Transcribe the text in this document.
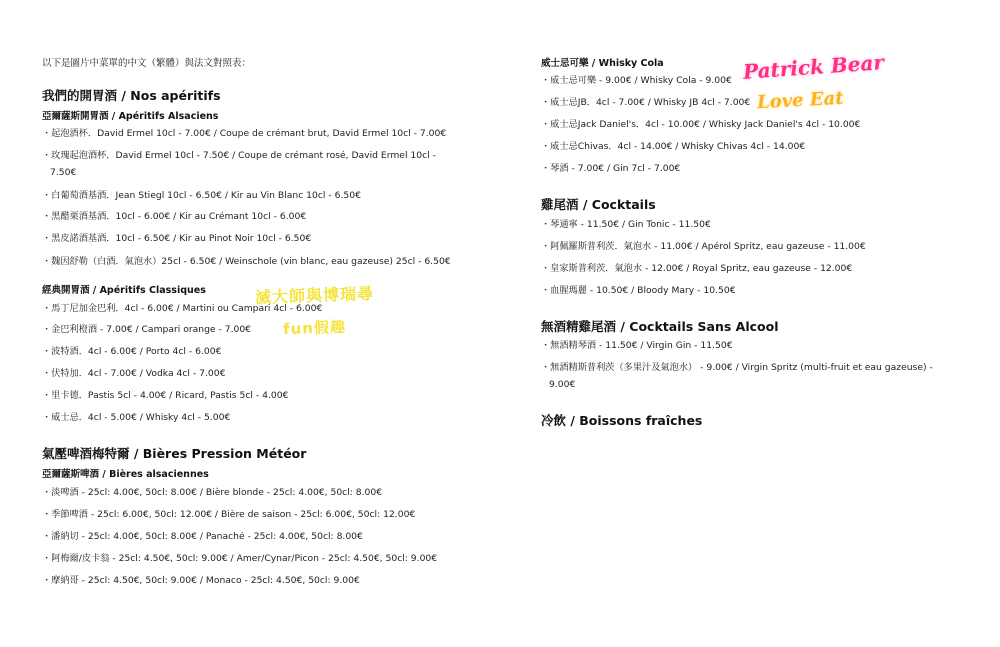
以下是圖片中菜單的中文（繁體）與法文對照表：
我們的開胃酒 / Nos apéritifs
亞爾薩斯開胃酒 / Apéritifs Alsaciens
・起泡酒杯．David Ermel 10cl - 7.00€ / Coupe de crémant brut, David Ermel 10cl - 7.00€
・玫瑰起泡酒杯．David Ermel 10cl - 7.50€ / Coupe de crémant rosé, David Ermel 10cl -
7.50€
・白葡萄酒基酒．Jean Stiegl 10cl - 6.50€ / Kir au Vin Blanc 10cl - 6.50€
・黑醋栗酒基酒．10cl - 6.00€ / Kir au Crémant 10cl - 6.00€
・黑皮諾酒基酒．10cl - 6.50€ / Kir au Pinot Noir 10cl - 6.50€
・魏因舒勒（白酒．氣泡水）25cl - 6.50€ / Weinschole (vin blanc, eau gazeuse) 25cl - 6.50€
經典開胃酒 / Apéritifs Classiques
・馬丁尼加金巴利．4cl - 6.00€ / Martini ou Campari 4cl - 6.00€
・金巴利橙酒 - 7.00€ / Campari orange - 7.00€
・波特酒．4cl - 6.00€ / Porto 4cl - 6.00€
・伏特加．4cl - 7.00€ / Vodka 4cl - 7.00€
・里卡德．Pastis 5cl - 4.00€ / Ricard, Pastis 5cl - 4.00€
・威士忌．4cl - 5.00€ / Whisky 4cl - 5.00€
氣壓啤酒梅特爾 / Bières Pression Météor
亞爾薩斯啤酒 / Bières alsaciennes
・淡啤酒 - 25cl: 4.00€, 50cl: 8.00€ / Bière blonde - 25cl: 4.00€, 50cl: 8.00€
・季節啤酒 - 25cl: 6.00€, 50cl: 12.00€ / Bière de saison - 25cl: 6.00€, 50cl: 12.00€
・潘納切 - 25cl: 4.00€, 50cl: 8.00€ / Panaché - 25cl: 4.00€, 50cl: 8.00€
・阿梅爾/皮卡翁 - 25cl: 4.50€, 50cl: 9.00€ / Amer/Cynar/Picon - 25cl: 4.50€, 50cl: 9.00€
・摩納哥 - 25cl: 4.50€, 50cl: 9.00€ / Monaco - 25cl: 4.50€, 50cl: 9.00€
威士忌可樂 / Whisky Cola
・威士忌可樂 - 9.00€ / Whisky Cola - 9.00€
・威士忌JB．4cl - 7.00€ / Whisky JB 4cl - 7.00€
・威士忌Jack Daniel's．4cl - 10.00€ / Whisky Jack Daniel's 4cl - 10.00€
・威士忌Chivas．4cl - 14.00€ / Whisky Chivas 4cl - 14.00€
・琴酒 - 7.00€ / Gin 7cl - 7.00€
雞尾酒 / Cocktails
・琴通寧 - 11.50€ / Gin Tonic - 11.50€
・阿佩羅斯普利茨．氣泡水 - 11.00€ / Apérol Spritz, eau gazeuse - 11.00€
・皇家斯普利茨．氣泡水 - 12.00€ / Royal Spritz, eau gazeuse - 12.00€
・血腥瑪麗 - 10.50€ / Bloody Mary - 10.50€
無酒精雞尾酒 / Cocktails Sans Alcool
・無酒精琴酒 - 11.50€ / Virgin Gin - 11.50€
・無酒精斯普利茨（多果汁及氣泡水） - 9.00€ / Virgin Spritz (multi-fruit et eau gazeuse) -
9.00€
冷飲 / Boissons fraîches
Patrick Bear
Love Eat
滅大師與博瑞尋
fun假趣
